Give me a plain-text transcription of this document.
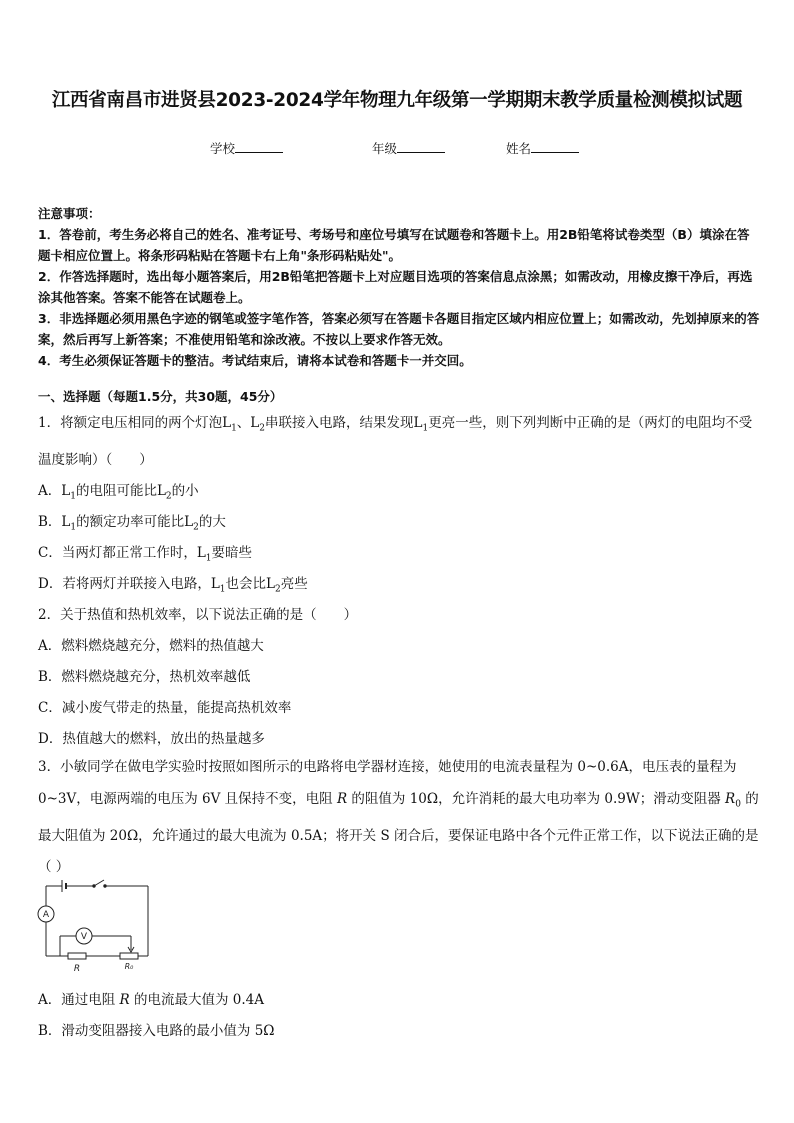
江西省南昌市进贤县2023-2024学年物理九年级第一学期期末教学质量检测模拟试题
学校	年级	姓名

注意事项：

1．答卷前，考生务必将自己的姓名、准考证号、考场号和座位号填写在试题卷和答题卡上。用2B铅笔将试卷类型（B）填涂在答题卡相应位置上。将条形码粘贴在答题卡右上角"条形码粘贴处"。

2．作答选择题时，选出每小题答案后，用2B铅笔把答题卡上对应题目选项的答案信息点涂黑；如需改动，用橡皮擦干净后，再选涂其他答案。答案不能答在试题卷上。

3．非选择题必须用黑色字迹的钢笔或签字笔作答，答案必须写在答题卡各题目指定区域内相应位置上；如需改动，先划掉原来的答案，然后再写上新答案；不准使用铅笔和涂改液。不按以上要求作答无效。

4．考生必须保证答题卡的整洁。考试结束后，请将本试卷和答题卡一并交回。

一、选择题（每题1.5分，共30题，45分）

1．将额定电压相同的两个灯泡$L_1$、$L_2$串联接入电路，结果发现$L_1$更亮一些，则下列判断中正确的是（两灯的电阻均不受温度影响）（　　）

A．$L_1$的电阻可能比$L_2$的小
B．$L_1$的额定功率可能比$L_2$的大
C．当两灯都正常工作时，$L_1$要暗些
D．若将两灯并联接入电路，$L_1$也会比$L_2$亮些
2．关于热值和热机效率，以下说法正确的是（　　）
A．燃料燃烧越充分，燃料的热值越大
B．燃料燃烧越充分，热机效率越低
C．减小废气带走的热量，能提高热机效率
D．热值越大的燃料，放出的热量越多

3．小敏同学在做电学实验时按照如图所示的电路将电学器材连接，她使用的电流表量程为 0~0.6A，电压表的量程为 0~3V，电源两端的电压为 6V 且保持不变，电阻 R 的阻值为 10Ω，允许消耗的最大电功率为 0.9W；滑动变阻器 $R_0$ 的最大阻值为 20Ω，允许通过的最大电流为 0.5A；将开关 S 闭合后，要保证电路中各个元件正常工作，以下说法正确的是（ ）

A
V
R	R₀
A．通过电阻 R 的电流最大值为 0.4A
B．滑动变阻器接入电路的最小值为 5Ω
